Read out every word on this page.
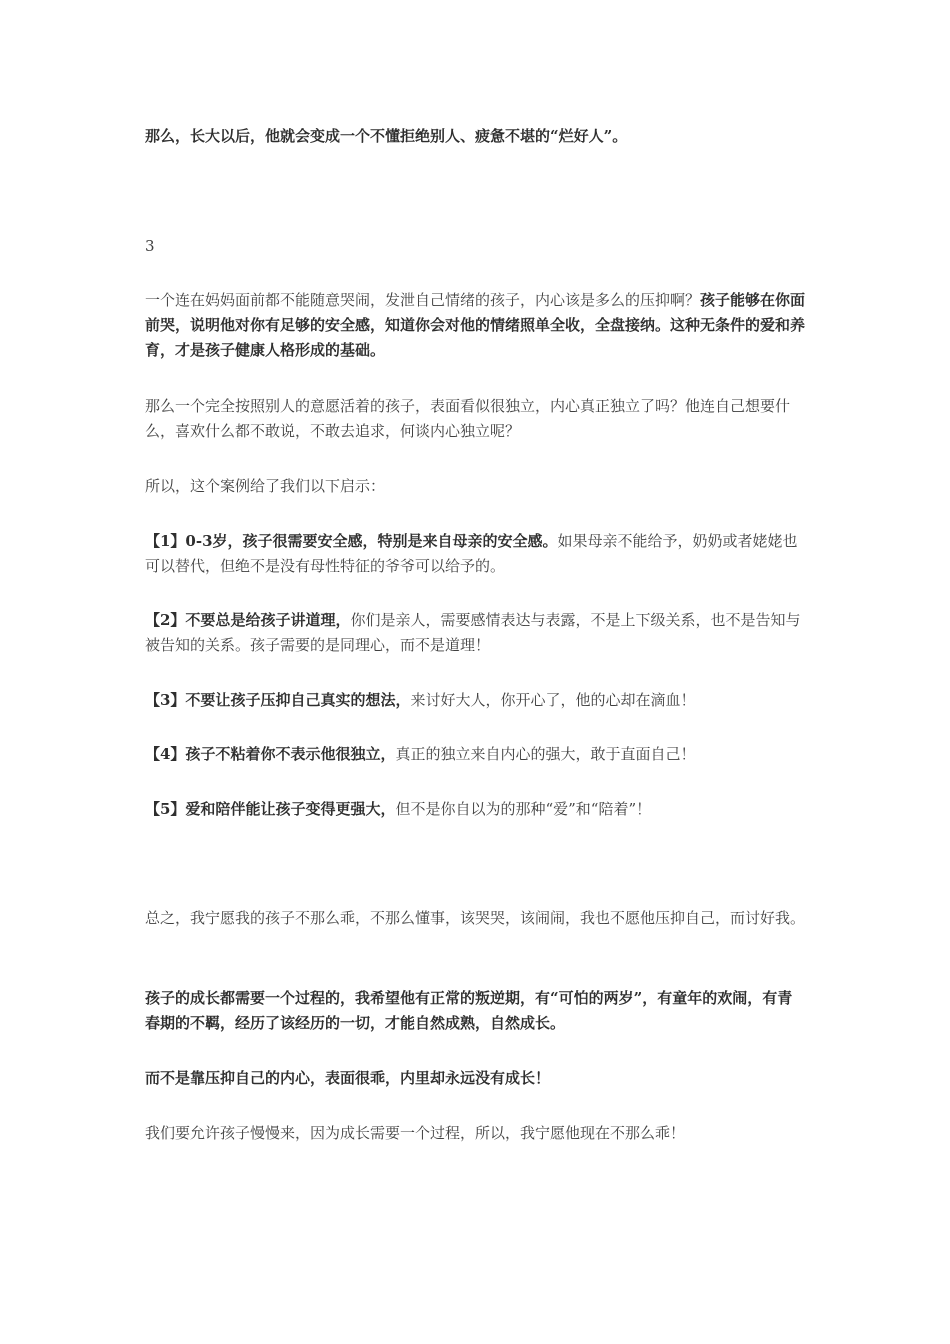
那么，长大以后，他就会变成一个不懂拒绝别人、疲惫不堪的“烂好人”。

3

一个连在妈妈面前都不能随意哭闹，发泄自己情绪的孩子，内心该是多么的压抑啊？孩子能够在你面前哭，说明他对你有足够的安全感，知道你会对他的情绪照单全收，全盘接纳。这种无条件的爱和养育，才是孩子健康人格形成的基础。

那么一个完全按照别人的意愿活着的孩子，表面看似很独立，内心真正独立了吗？他连自己想要什么，喜欢什么都不敢说，不敢去追求，何谈内心独立呢？

所以，这个案例给了我们以下启示：

【1】0-3岁，孩子很需要安全感，特别是来自母亲的安全感。如果母亲不能给予，奶奶或者姥姥也可以替代，但绝不是没有母性特征的爷爷可以给予的。

【2】不要总是给孩子讲道理，你们是亲人，需要感情表达与表露，不是上下级关系，也不是告知与被告知的关系。孩子需要的是同理心，而不是道理！

【3】不要让孩子压抑自己真实的想法，来讨好大人，你开心了，他的心却在滴血！

【4】孩子不粘着你不表示他很独立，真正的独立来自内心的强大，敢于直面自己！

【5】爱和陪伴能让孩子变得更强大，但不是你自以为的那种“爱”和“陪着”！

总之，我宁愿我的孩子不那么乖，不那么懂事，该哭哭，该闹闹，我也不愿他压抑自己，而讨好我。

孩子的成长都需要一个过程的，我希望他有正常的叛逆期，有“可怕的两岁”，有童年的欢闹，有青春期的不羁，经历了该经历的一切，才能自然成熟，自然成长。

而不是靠压抑自己的内心，表面很乖，内里却永远没有成长！

我们要允许孩子慢慢来，因为成长需要一个过程，所以，我宁愿他现在不那么乖！
